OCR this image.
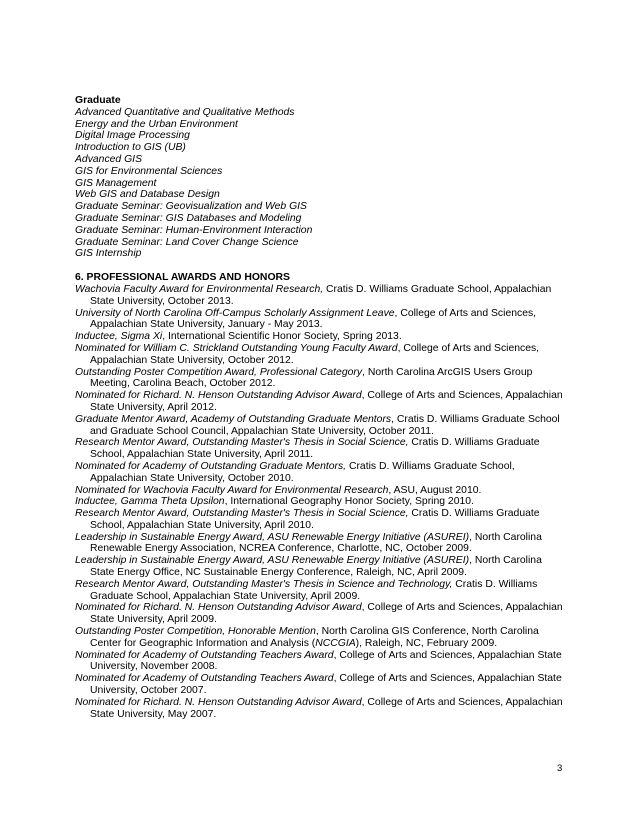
Graduate
Advanced Quantitative and Qualitative Methods
Energy and the Urban Environment
Digital Image Processing
Introduction to GIS (UB)
Advanced GIS
GIS for Environmental Sciences
GIS Management
Web GIS and Database Design
Graduate Seminar: Geovisualization and Web GIS
Graduate Seminar: GIS Databases and Modeling
Graduate Seminar: Human-Environment Interaction
Graduate Seminar: Land Cover Change Science
GIS Internship
6. PROFESSIONAL AWARDS AND HONORS
Wachovia Faculty Award for Environmental Research, Cratis D. Williams Graduate School, Appalachian State University, October 2013.
University of North Carolina Off-Campus Scholarly Assignment Leave, College of Arts and Sciences, Appalachian State University, January - May 2013.
Inductee, Sigma Xi, International Scientific Honor Society, Spring 2013.
Nominated for William C. Strickland Outstanding Young Faculty Award, College of Arts and Sciences, Appalachian State University, October 2012.
Outstanding Poster Competition Award, Professional Category, North Carolina ArcGIS Users Group Meeting, Carolina Beach, October 2012.
Nominated for Richard. N. Henson Outstanding Advisor Award, College of Arts and Sciences, Appalachian State University, April 2012.
Graduate Mentor Award, Academy of Outstanding Graduate Mentors, Cratis D. Williams Graduate School and Graduate School Council, Appalachian State University, October 2011.
Research Mentor Award, Outstanding Master's Thesis in Social Science, Cratis D. Williams Graduate School, Appalachian State University, April 2011.
Nominated for Academy of Outstanding Graduate Mentors, Cratis D. Williams Graduate School, Appalachian State University, October 2010.
Nominated for Wachovia Faculty Award for Environmental Research, ASU, August 2010.
Inductee, Gamma Theta Upsilon, International Geography Honor Society, Spring 2010.
Research Mentor Award, Outstanding Master's Thesis in Social Science, Cratis D. Williams Graduate School, Appalachian State University, April 2010.
Leadership in Sustainable Energy Award, ASU Renewable Energy Initiative (ASUREI), North Carolina Renewable Energy Association, NCREA Conference, Charlotte, NC, October 2009.
Leadership in Sustainable Energy Award, ASU Renewable Energy Initiative (ASUREI), North Carolina State Energy Office, NC Sustainable Energy Conference, Raleigh, NC, April 2009.
Research Mentor Award, Outstanding Master's Thesis in Science and Technology, Cratis D. Williams Graduate School, Appalachian State University, April 2009.
Nominated for Richard. N. Henson Outstanding Advisor Award, College of Arts and Sciences, Appalachian State University, April 2009.
Outstanding Poster Competition, Honorable Mention, North Carolina GIS Conference, North Carolina Center for Geographic Information and Analysis (NCCGIA), Raleigh, NC, February 2009.
Nominated for Academy of Outstanding Teachers Award, College of Arts and Sciences, Appalachian State University, November 2008.
Nominated for Academy of Outstanding Teachers Award, College of Arts and Sciences, Appalachian State University, October 2007.
Nominated for Richard. N. Henson Outstanding Advisor Award, College of Arts and Sciences, Appalachian State University, May 2007.
3
